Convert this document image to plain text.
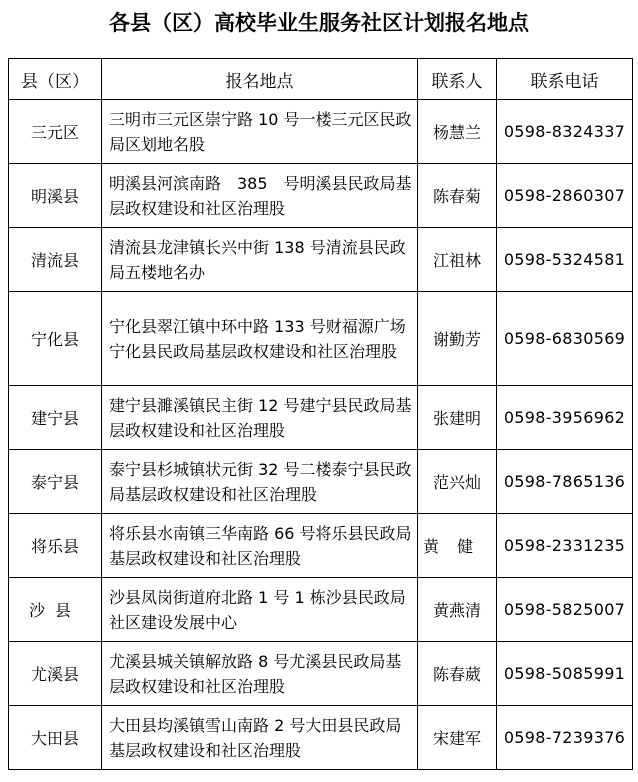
各县（区）高校毕业生服务社区计划报名地点
县（区）	报名地点	联系人	联系电话
三元区	三明市三元区崇宁路 10 号一楼三元区民政局区划地名股	杨慧兰	0598-8324337

明溪县	明溪县河滨南路　385　号明溪县民政局基层政权建设和社区治理股	陈春菊	0598-2860307

清流县	清流县龙津镇长兴中街 138 号清流县民政局五楼地名办	江祖林	0598-5324581

宁化县	宁化县翠江镇中环中路 133 号财福源广场宁化县民政局基层政权建设和社区治理股	谢勤芳	0598-6830569

建宁县	建宁县濉溪镇民主街 12 号建宁县民政局基层政权建设和社区治理股	张建明	0598-3956962

泰宁县	泰宁县杉城镇状元街 32 号二楼泰宁县民政局基层政权建设和社区治理股	范兴灿	0598-7865136

将乐县	将乐县水南镇三华南路 66 号将乐县民政局基层政权建设和社区治理股	黄健	0598-2331235

沙县	沙县凤岗街道府北路 1 号 1 栋沙县民政局社区建设发展中心	黄燕清	0598-5825007

尤溪县	尤溪县城关镇解放路 8 号尤溪县民政局基层政权建设和社区治理股	陈春葳	0598-5085991

大田县	大田县均溪镇雪山南路 2 号大田县民政局基层政权建设和社区治理股	宋建军	0598-7239376
